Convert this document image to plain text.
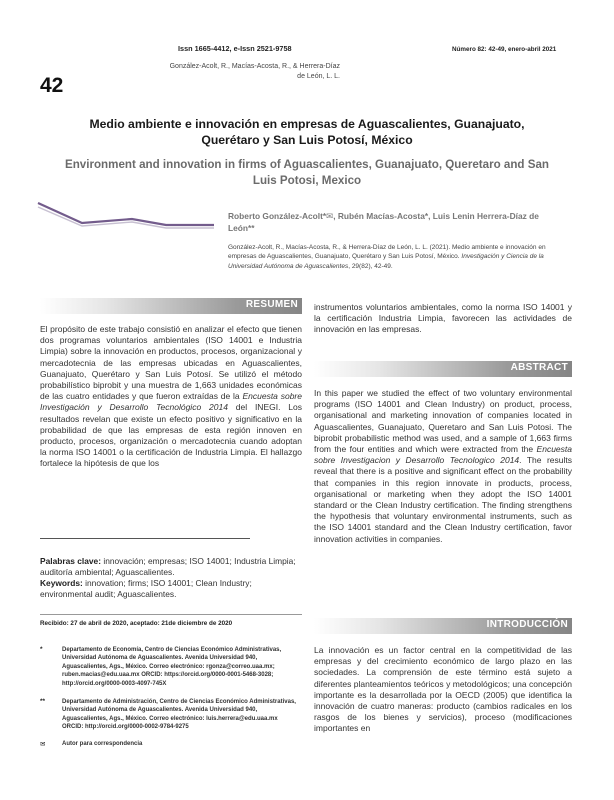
42
Issn 1665-4412, e-Issn 2521-9758	Número 82: 42-49, enero-abril 2021
González-Acolt, R., Macías-Acosta, R., & Herrera-Díaz de León, L. L.
Medio ambiente e innovación en empresas de Aguascalientes, Guanajuato, Querétaro y San Luis Potosí, México
Environment and innovation in firms of Aguascalientes, Guanajuato, Queretaro and San Luis Potosi, Mexico
Roberto González-Acolt*✉, Rubén Macías-Acosta*, Luis Lenin Herrera-Díaz de León**
González-Acolt, R., Macías-Acosta, R., & Herrera-Díaz de León, L. L. (2021). Medio ambiente e innovación en empresas de Aguascalientes, Guanajuato, Querétaro y San Luis Potosí, México. Investigación y Ciencia de la Universidad Autónoma de Aguascalientes, 29(82), 42-49.
RESUMEN
El propósito de este trabajo consistió en analizar el efecto que tienen dos programas voluntarios ambientales (ISO 14001 e Industria Limpia) sobre la innovación en productos, procesos, organizacional y mercadotecnia de las empresas ubicadas en Aguascalientes, Guanajuato, Querétaro y San Luis Potosí. Se utilizó el método probabilístico biprobit y una muestra de 1,663 unidades económicas de las cuatro entidades y que fueron extraídas de la Encuesta sobre Investigación y Desarrollo Tecnológico 2014 del INEGI. Los resultados revelan que existe un efecto positivo y significativo en la probabilidad de que las empresas de esta región innoven en producto, procesos, organización o mercadotecnia cuando adoptan la norma ISO 14001 o la certificación de Industria Limpia. El hallazgo fortalece la hipótesis de que los
Palabras clave: innovación; empresas; ISO 14001; Industria Limpia; auditoría ambiental; Aguascalientes.
Keywords: innovation; firms; ISO 14001; Clean Industry; environmental audit; Aguascalientes.
Recibido: 27 de abril de 2020, aceptado: 21de diciembre de 2020
*	Departamento de Economía, Centro de Ciencias Económico Administrativas, Universidad Autónoma de Aguascalientes. Avenida Universidad 940, Aguascalientes, Ags., México. Correo electrónico: rgonza@correo.uaa.mx; ruben.macias@edu.uaa.mx ORCID: https://orcid.org/0000-0001-5468-3028; http://orcid.org/0000-0003-4097-745X
**	Departamento de Administración, Centro de Ciencias Económico Administrativas, Universidad Autónoma de Aguascalientes. Avenida Universidad 940, Aguascalientes, Ags., México. Correo electrónico: luis.herrera@edu.uaa.mx ORCID: http://orcid.org/0000-0002-9784-9275
✉	Autor para correspondencia
instrumentos voluntarios ambientales, como la norma ISO 14001 y la certificación Industria Limpia, favorecen las actividades de innovación en las empresas.
ABSTRACT
In this paper we studied the effect of two voluntary environmental programs (ISO 14001 and Clean Industry) on product, process, organisational and marketing innovation of companies located in Aguascalientes, Guanajuato, Queretaro and San Luis Potosi. The biprobit probabilistic method was used, and a sample of 1,663 firms from the four entities and which were extracted from the Encuesta sobre Investigacion y Desarrollo Tecnologico 2014. The results reveal that there is a positive and significant effect on the probability that companies in this region innovate in products, process, organisational or marketing when they adopt the ISO 14001 standard or the Clean Industry certification. The finding strengthens the hypothesis that voluntary environmental instruments, such as the ISO 14001 standard and the Clean Industry certification, favor innovation activities in companies.
INTRODUCCIÓN
La innovación es un factor central en la competitividad de las empresas y del crecimiento económico de largo plazo en las sociedades. La comprensión de este término está sujeto a diferentes planteamientos teóricos y metodológicos; una concepción importante es la desarrollada por la OECD (2005) que identifica la innovación de cuatro maneras: producto (cambios radicales en los rasgos de los bienes y servicios), proceso (modificaciones importantes en
